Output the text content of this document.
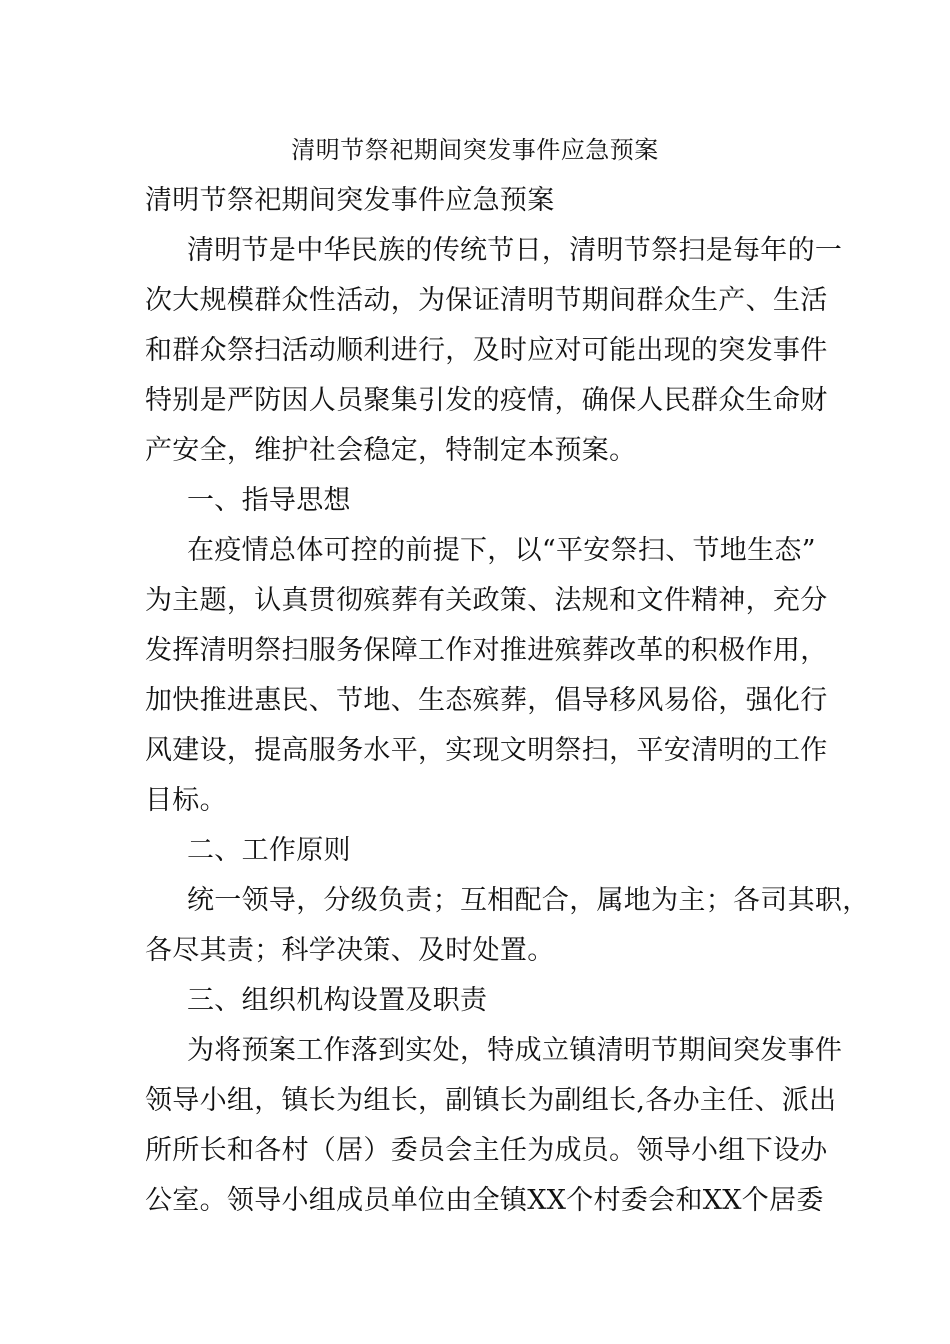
清明节祭祀期间突发事件应急预案
清明节祭祀期间突发事件应急预案
清明节是中华民族的传统节日，清明节祭扫是每年的一
次大规模群众性活动，为保证清明节期间群众生产、生活
和群众祭扫活动顺利进行，及时应对可能出现的突发事件
特别是严防因人员聚集引发的疫情，确保人民群众生命财
产安全，维护社会稳定，特制定本预案。
一、指导思想
在疫情总体可控的前提下，以“平安祭扫、节地生态”
为主题，认真贯彻殡葬有关政策、法规和文件精神，充分
发挥清明祭扫服务保障工作对推进殡葬改革的积极作用，
加快推进惠民、节地、生态殡葬，倡导移风易俗，强化行
风建设，提高服务水平，实现文明祭扫，平安清明的工作
目标。
二、工作原则
统一领导，分级负责；互相配合，属地为主；各司其职，
各尽其责；科学决策、及时处置。
三、组织机构设置及职责
为将预案工作落到实处，特成立镇清明节期间突发事件
领导小组，镇长为组长，副镇长为副组长,各办主任、派出
所所长和各村（居）委员会主任为成员。领导小组下设办
公室。领导小组成员单位由全镇XX个村委会和XX个居委
